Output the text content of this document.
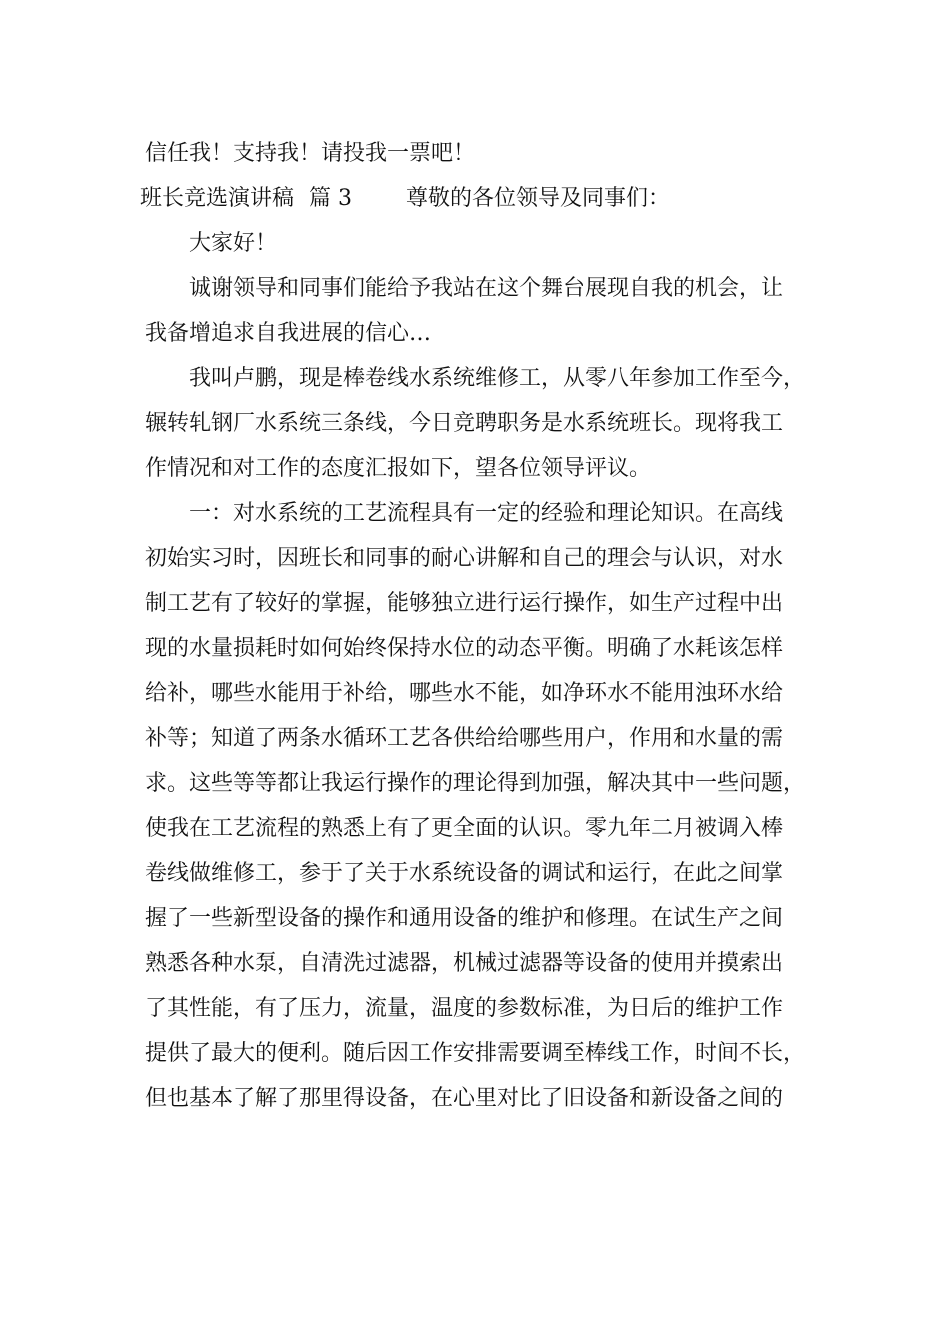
信任我！支持我！请投我一票吧！
班长竞选演讲稿 篇 3 尊敬的各位领导及同事们：
大家好！
诚谢领导和同事们能给予我站在这个舞台展现自我的机会，让
我备增追求自我进展的信心…
我叫卢鹏，现是棒卷线水系统维修工，从零八年参加工作至今，
辗转轧钢厂水系统三条线，今日竞聘职务是水系统班长。现将我工
作情况和对工作的态度汇报如下，望各位领导评议。
一：对水系统的工艺流程具有一定的经验和理论知识。在高线
初始实习时，因班长和同事的耐心讲解和自己的理会与认识，对水
制工艺有了较好的掌握，能够独立进行运行操作，如生产过程中出
现的水量损耗时如何始终保持水位的动态平衡。明确了水耗该怎样
给补，哪些水能用于补给，哪些水不能，如净环水不能用浊环水给
补等；知道了两条水循环工艺各供给给哪些用户，作用和水量的需
求。这些等等都让我运行操作的理论得到加强，解决其中一些问题，
使我在工艺流程的熟悉上有了更全面的认识。零九年二月被调入棒
卷线做维修工，参于了关于水系统设备的调试和运行，在此之间掌
握了一些新型设备的操作和通用设备的维护和修理。在试生产之间
熟悉各种水泵，自清洗过滤器，机械过滤器等设备的使用并摸索出
了其性能，有了压力，流量，温度的参数标准，为日后的维护工作
提供了最大的便利。随后因工作安排需要调至棒线工作，时间不长，
但也基本了解了那里得设备，在心里对比了旧设备和新设备之间的
